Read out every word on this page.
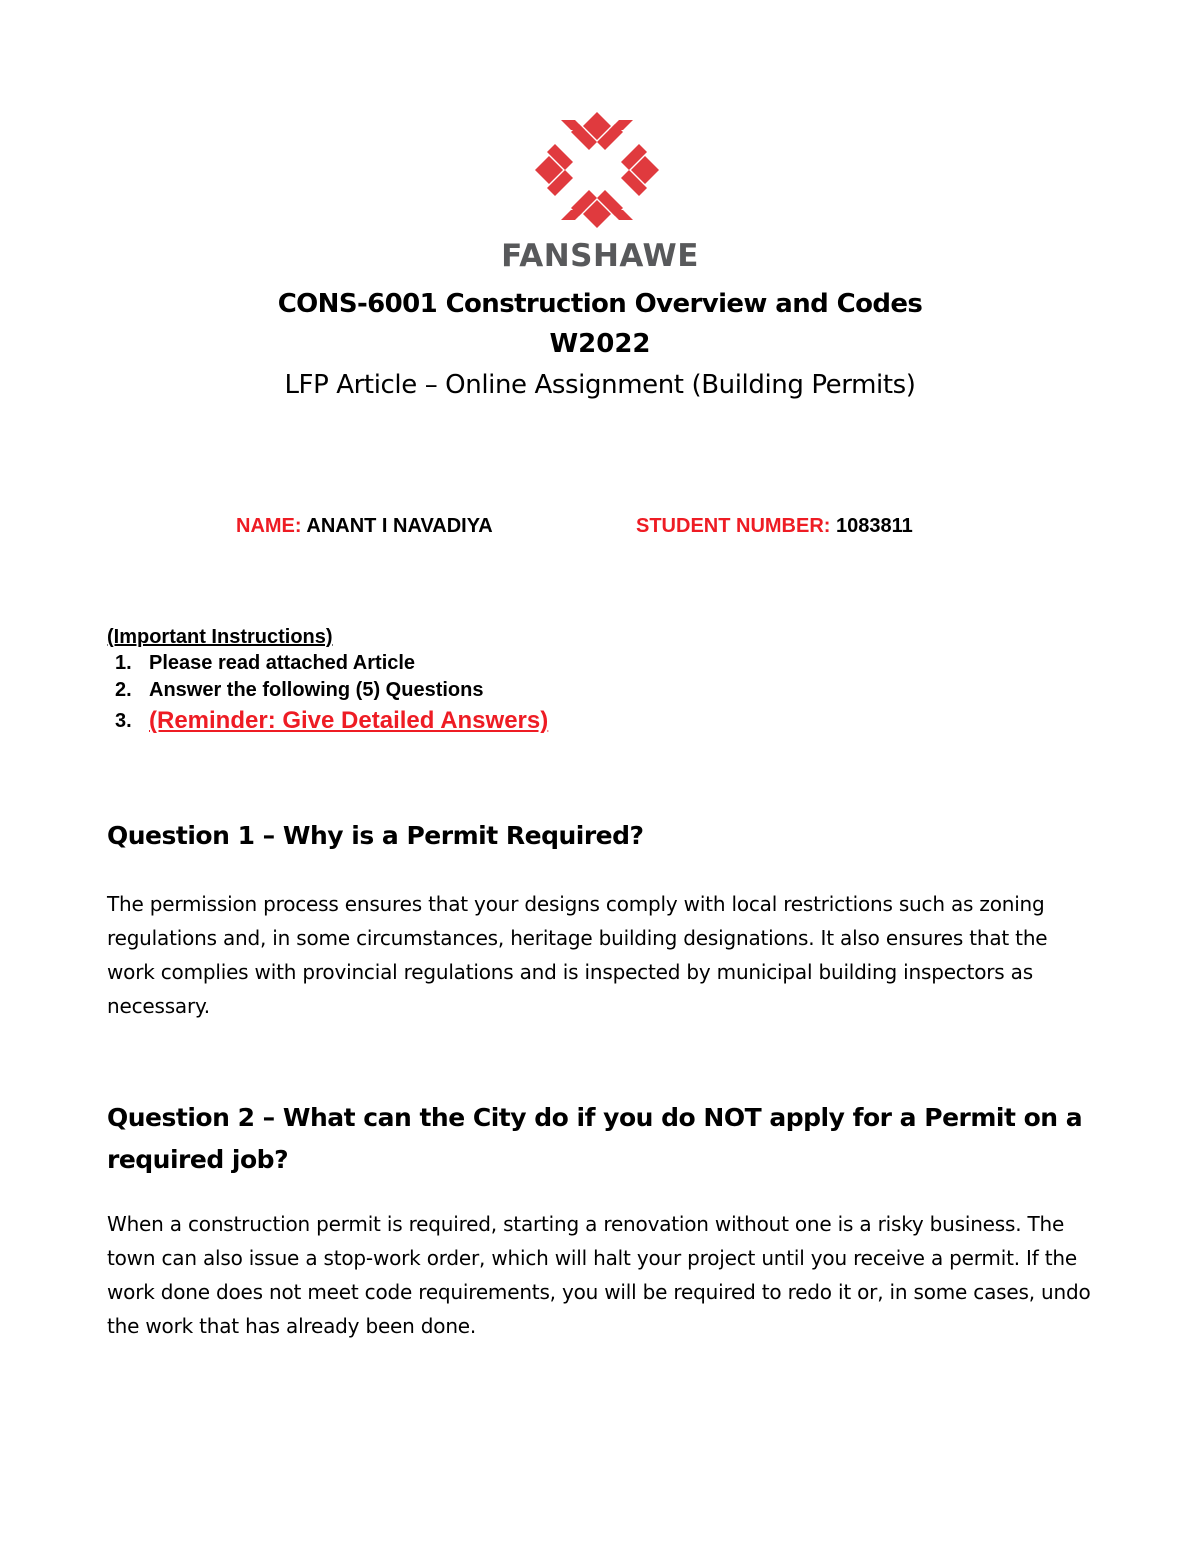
FANSHAWE
CONS-6001 Construction Overview and Codes
W2022
LFP Article – Online Assignment (Building Permits)
NAME: ANANT I NAVADIYA	STUDENT NUMBER: 1083811
(Important Instructions)
1. Please read attached Article
2. Answer the following (5) Questions
3. (Reminder: Give Detailed Answers)
Question 1 – Why is a Permit Required?

The permission process ensures that your designs comply with local restrictions such as zoning regulations and, in some circumstances, heritage building designations. It also ensures that the work complies with provincial regulations and is inspected by municipal building inspectors as necessary.

Question 2 – What can the City do if you do NOT apply for a Permit on a required job?

When a construction permit is required, starting a renovation without one is a risky business. The town can also issue a stop-work order, which will halt your project until you receive a permit. If the work done does not meet code requirements, you will be required to redo it or, in some cases, undo the work that has already been done.
